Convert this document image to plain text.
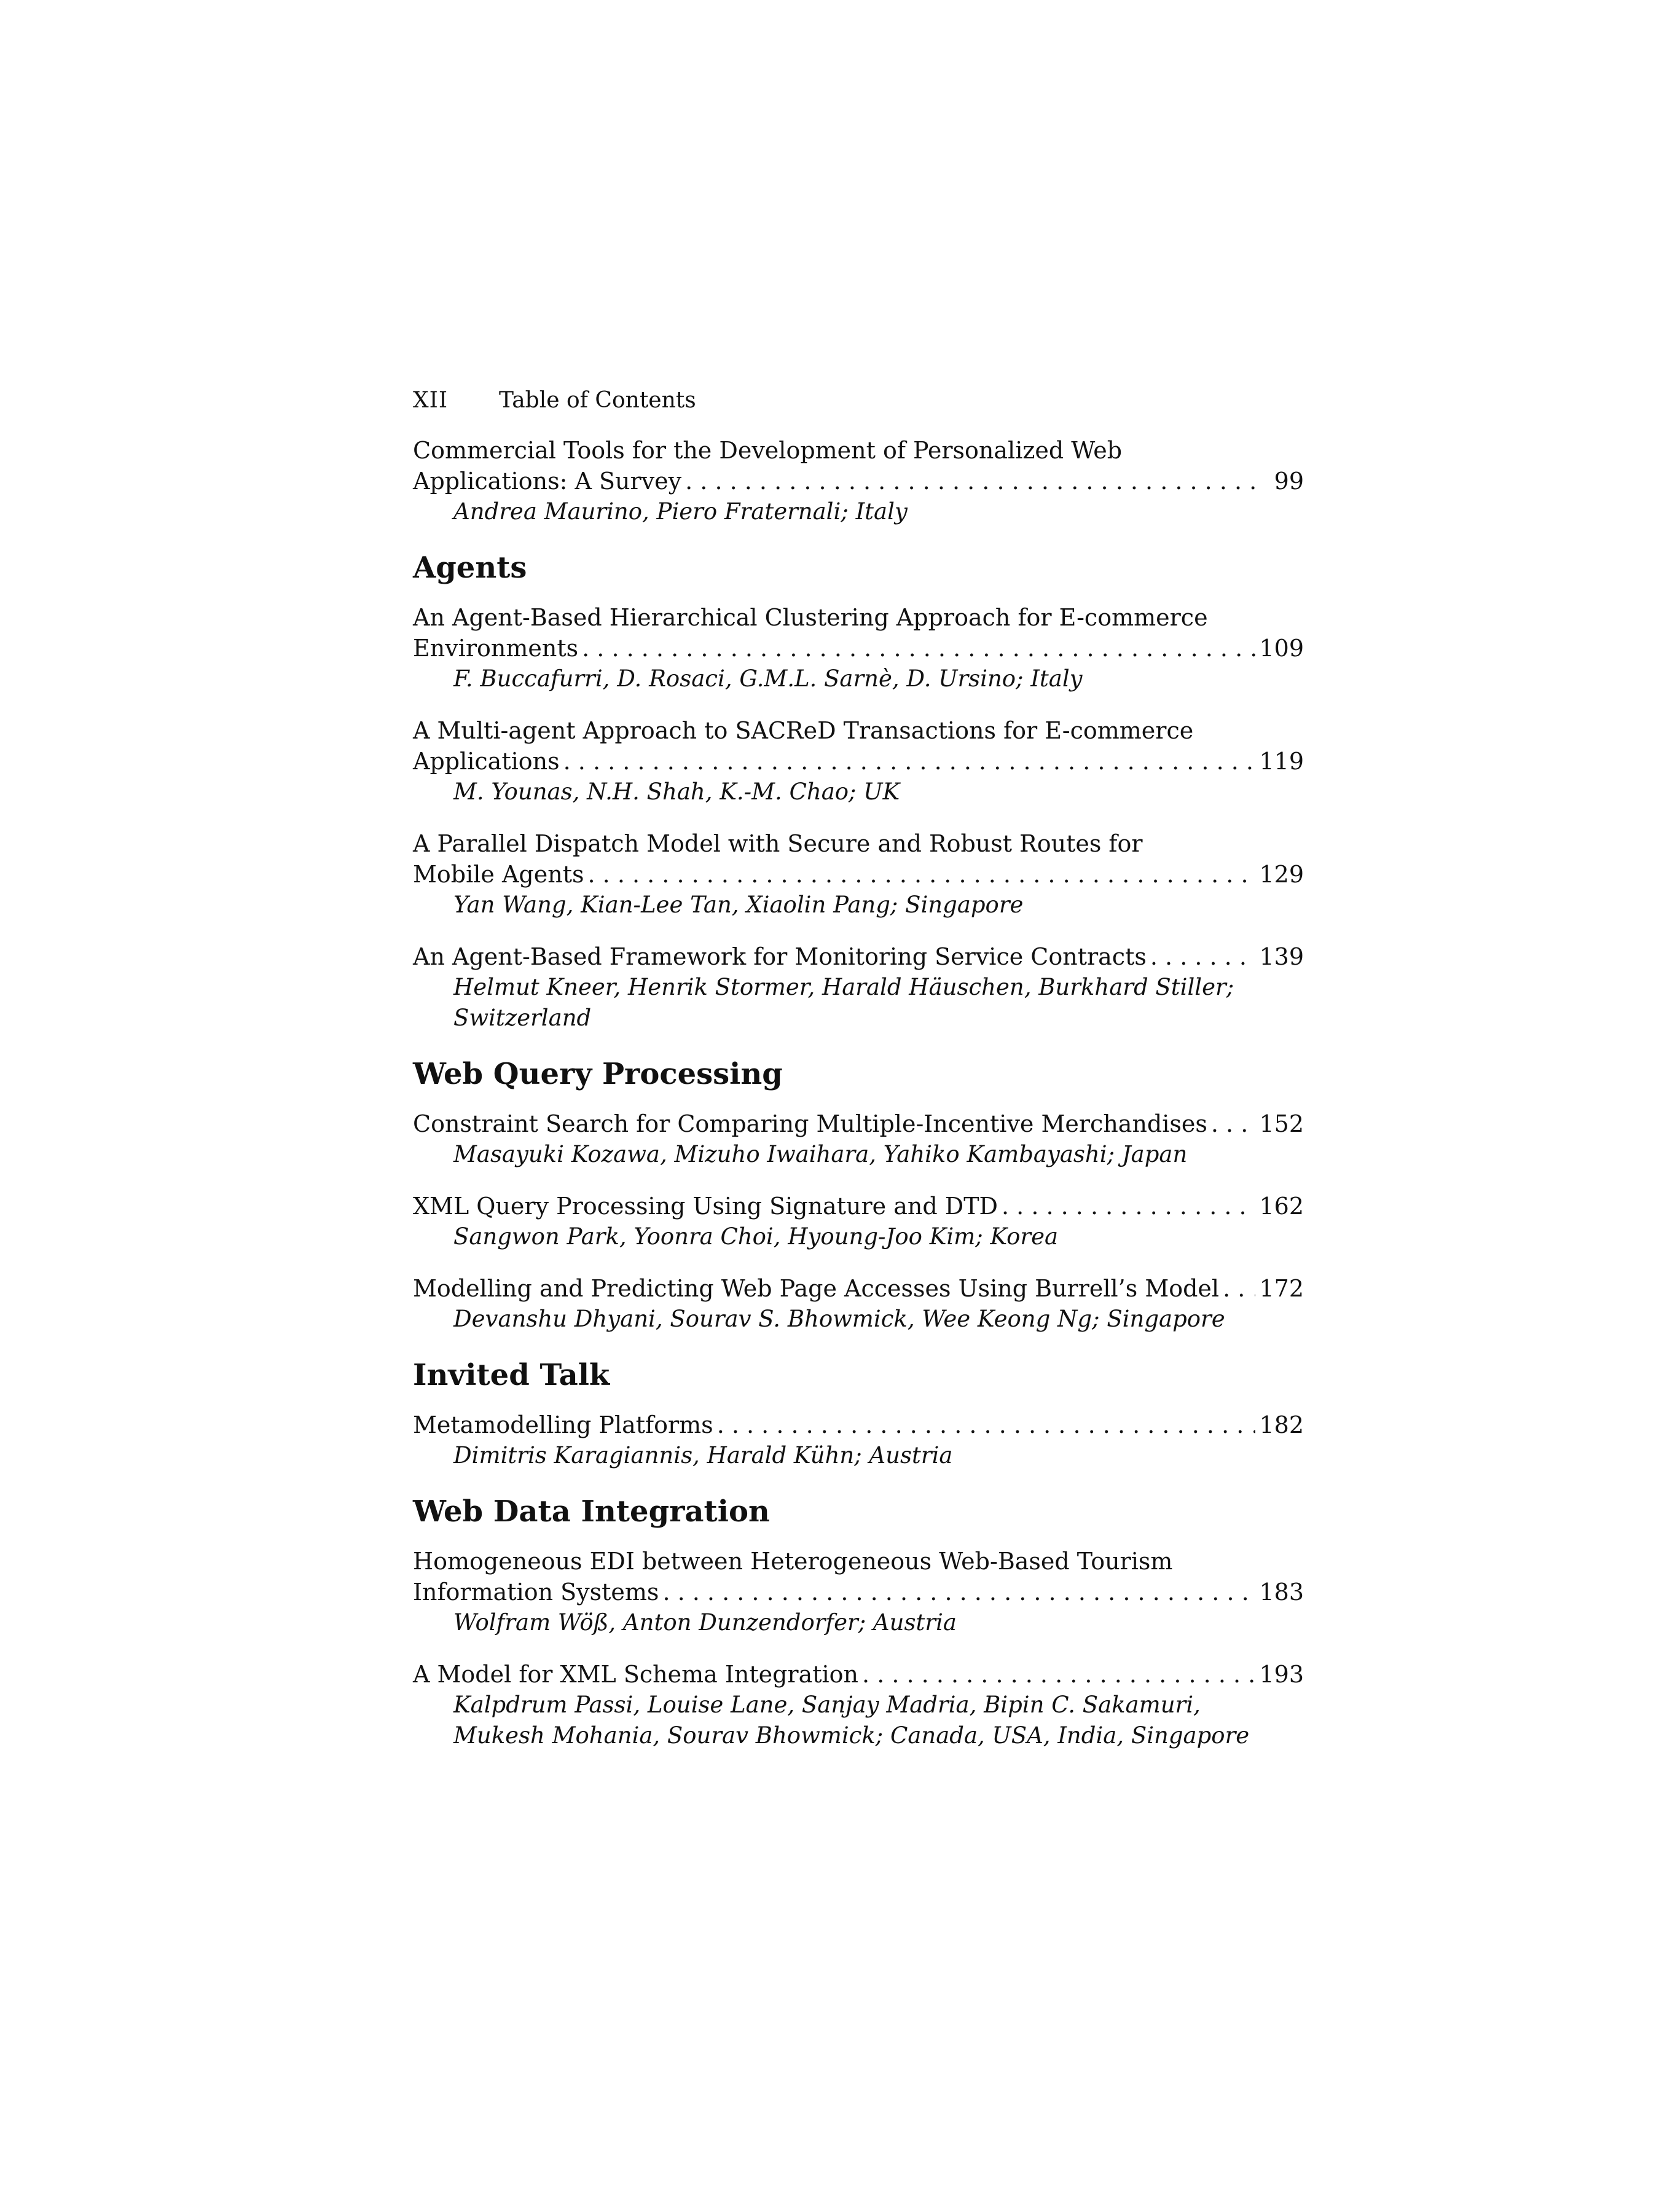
XII	Table of Contents
Commercial Tools for the Development of Personalized Web
Applications: A Survey . . .	99
Andrea Maurino, Piero Fraternali; Italy
Agents
An Agent-Based Hierarchical Clustering Approach for E-commerce
Environments . . .	109
F. Buccafurri, D. Rosaci, G.M.L. Sarnè, D. Ursino; Italy
A Multi-agent Approach to SACReD Transactions for E-commerce
Applications . . .	119
M. Younas, N.H. Shah, K.-M. Chao; UK
A Parallel Dispatch Model with Secure and Robust Routes for
Mobile Agents . . .	129
Yan Wang, Kian-Lee Tan, Xiaolin Pang; Singapore
An Agent-Based Framework for Monitoring Service Contracts . . .	139
Helmut Kneer, Henrik Stormer, Harald Häuschen, Burkhard Stiller;
Switzerland
Web Query Processing
Constraint Search for Comparing Multiple-Incentive Merchandises . . . 152
Masayuki Kozawa, Mizuho Iwaihara, Yahiko Kambayashi; Japan
XML Query Processing Using Signature and DTD . . .	162
Sangwon Park, Yoonra Choi, Hyoung-Joo Kim; Korea
Modelling and Predicting Web Page Accesses Using Burrell’s Model . . . 172
Devanshu Dhyani, Sourav S. Bhowmick, Wee Keong Ng; Singapore
Invited Talk
Metamodelling Platforms . . .	182
Dimitris Karagiannis, Harald Kühn; Austria
Web Data Integration
Homogeneous EDI between Heterogeneous Web-Based Tourism
Information Systems . . .	183
Wolfram Wöß, Anton Dunzendorfer; Austria
A Model for XML Schema Integration . . .	193
Kalpdrum Passi, Louise Lane, Sanjay Madria, Bipin C. Sakamuri,
Mukesh Mohania, Sourav Bhowmick; Canada, USA, India, Singapore
